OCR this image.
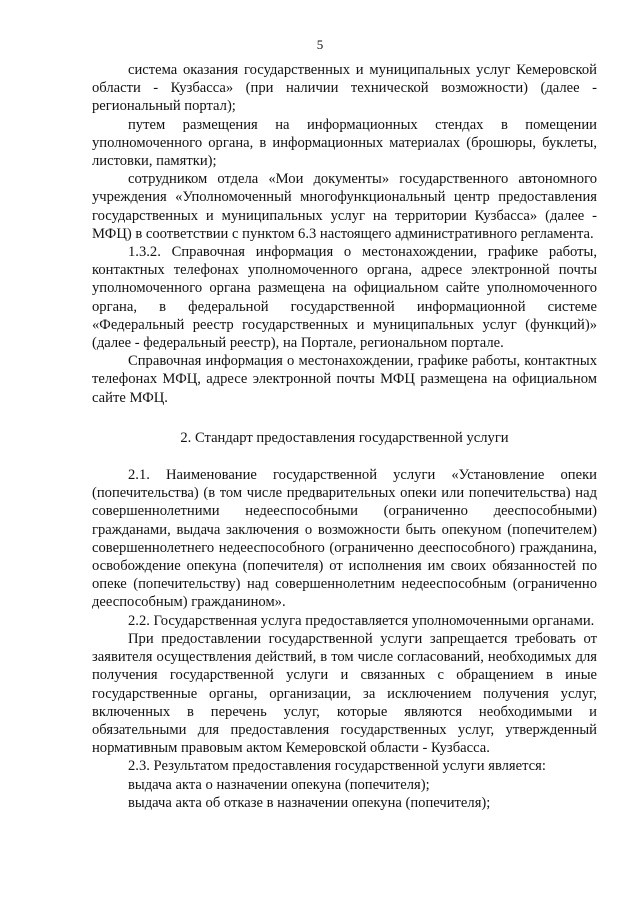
5

система оказания государственных и муниципальных услуг Кемеровской области - Кузбасса» (при наличии технической возможности) (далее - региональный портал);

путем размещения на информационных стендах в помещении уполномоченного органа, в информационных материалах (брошюры, буклеты, листовки, памятки);

сотрудником отдела «Мои документы» государственного автономного учреждения «Уполномоченный многофункциональный центр предоставления государственных и муниципальных услуг на территории Кузбасса» (далее - МФЦ) в соответствии с пунктом 6.3 настоящего административного регламента.

1.3.2. Справочная информация о местонахождении, графике работы, контактных телефонах уполномоченного органа, адресе электронной почты уполномоченного органа размещена на официальном сайте уполномоченного органа, в федеральной государственной информационной системе «Федеральный реестр государственных и муниципальных услуг (функций)» (далее - федеральный реестр), на Портале, региональном портале.

Справочная информация о местонахождении, графике работы, контактных телефонах МФЦ, адресе электронной почты МФЦ размещена на официальном сайте МФЦ.

2. Стандарт предоставления государственной услуги

2.1. Наименование государственной услуги «Установление опеки (попечительства) (в том числе предварительных опеки или попечительства) над совершеннолетними недееспособными (ограниченно дееспособными) гражданами, выдача заключения о возможности быть опекуном (попечителем) совершеннолетнего недееспособного (ограниченно дееспособного) гражданина, освобождение опекуна (попечителя) от исполнения им своих обязанностей по опеке (попечительству) над совершеннолетним недееспособным (ограниченно дееспособным) гражданином».

2.2. Государственная услуга предоставляется уполномоченными органами.

При предоставлении государственной услуги запрещается требовать от заявителя осуществления действий, в том числе согласований, необходимых для получения государственной услуги и связанных с обращением в иные государственные органы, организации, за исключением получения услуг, включенных в перечень услуг, которые являются необходимыми и обязательными для предоставления государственных услуг, утвержденный нормативным правовым актом Кемеровской области - Кузбасса.

2.3. Результатом предоставления государственной услуги является:

выдача акта о назначении опекуна (попечителя);

выдача акта об отказе в назначении опекуна (попечителя);
